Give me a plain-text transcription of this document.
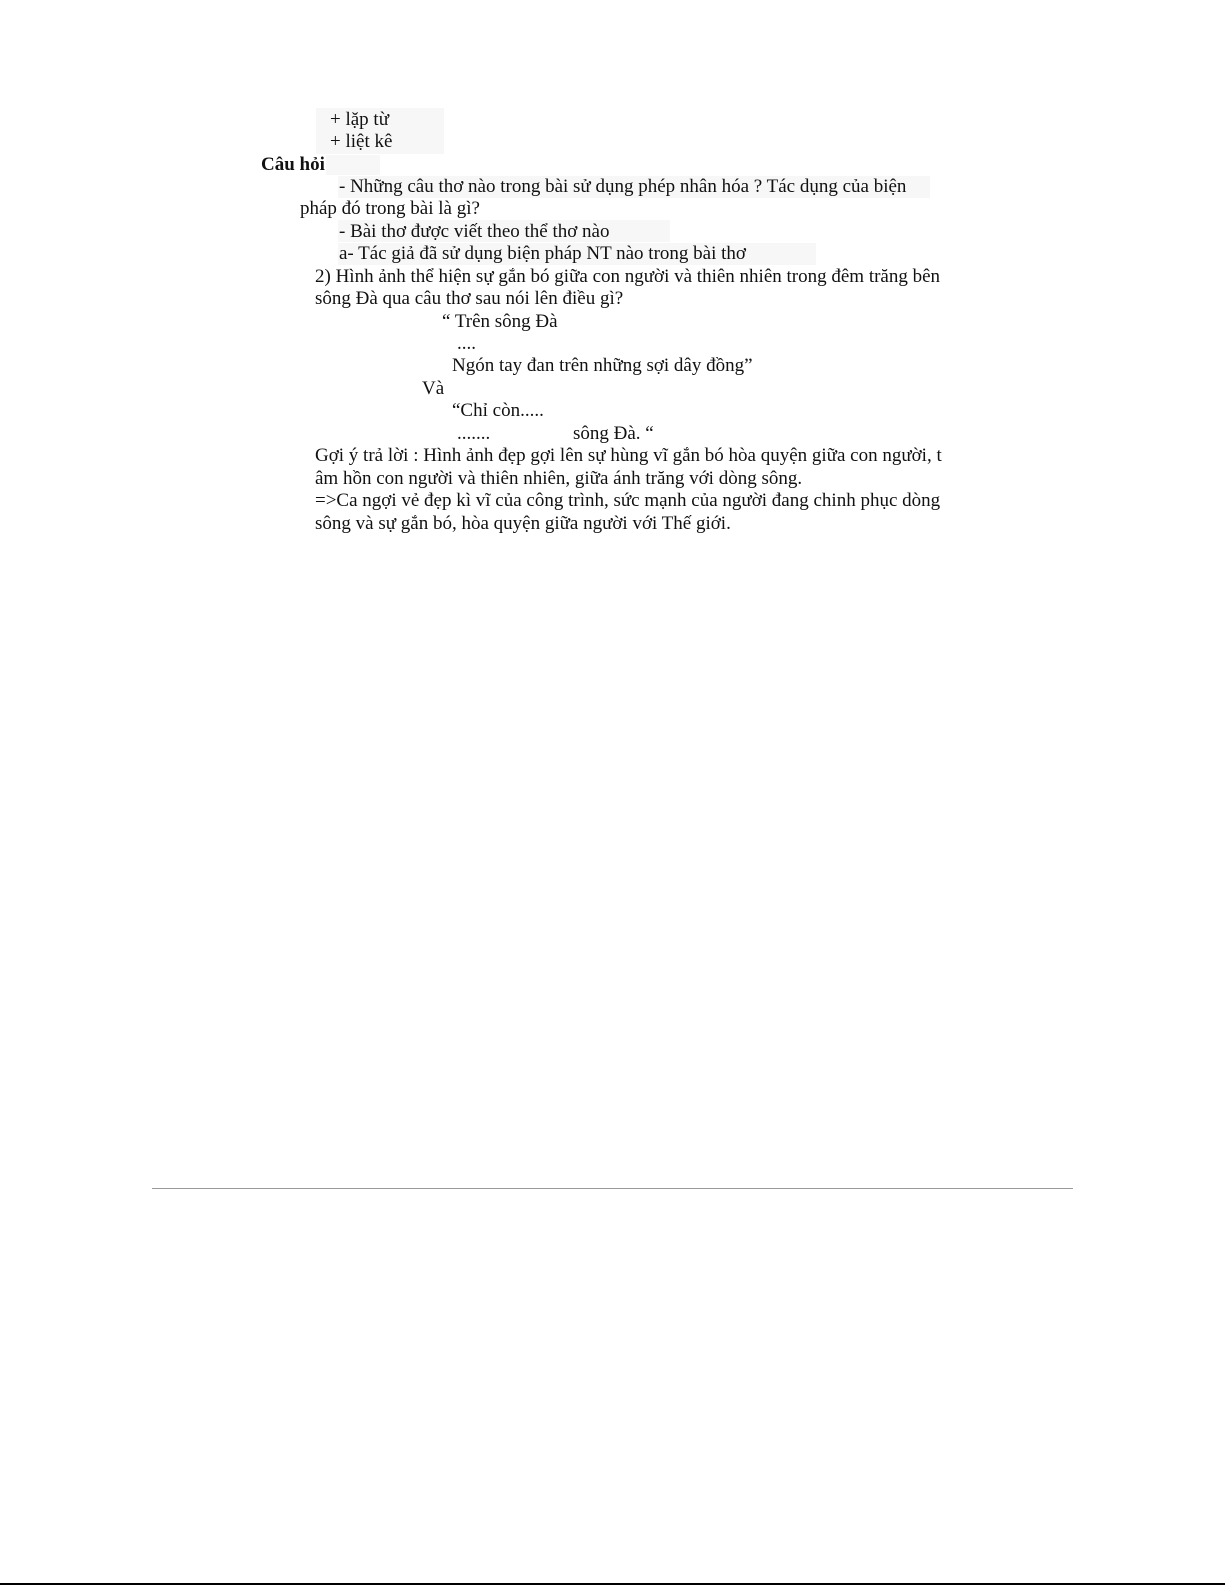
+ lặp từ
+ liệt kê
Câu hỏi
- Những câu thơ nào trong bài sử dụng phép nhân hóa ? Tác dụng của biện
pháp đó trong bài là gì?
- Bài thơ được viết theo thể thơ nào
a- Tác giả đã sử dụng biện pháp NT nào trong bài thơ
2) Hình ảnh thể hiện sự gắn bó giữa con người và thiên nhiên trong đêm trăng bên
sông Đà qua câu thơ sau nói lên điều gì?
“ Trên sông Đà
....
Ngón tay đan trên những sợi dây đồng”
Và
“Chỉ còn.....
.......	sông Đà. “
Gợi ý trả lời : Hình ảnh đẹp gợi lên sự hùng vĩ gắn bó hòa quyện giữa con người, t
âm hồn con người và thiên nhiên, giữa ánh trăng với dòng sông.
=>Ca ngợi vẻ đẹp kì vĩ của công trình, sức mạnh của người đang chinh phục dòng
sông và sự gắn bó, hòa quyện giữa người với Thế giới.
